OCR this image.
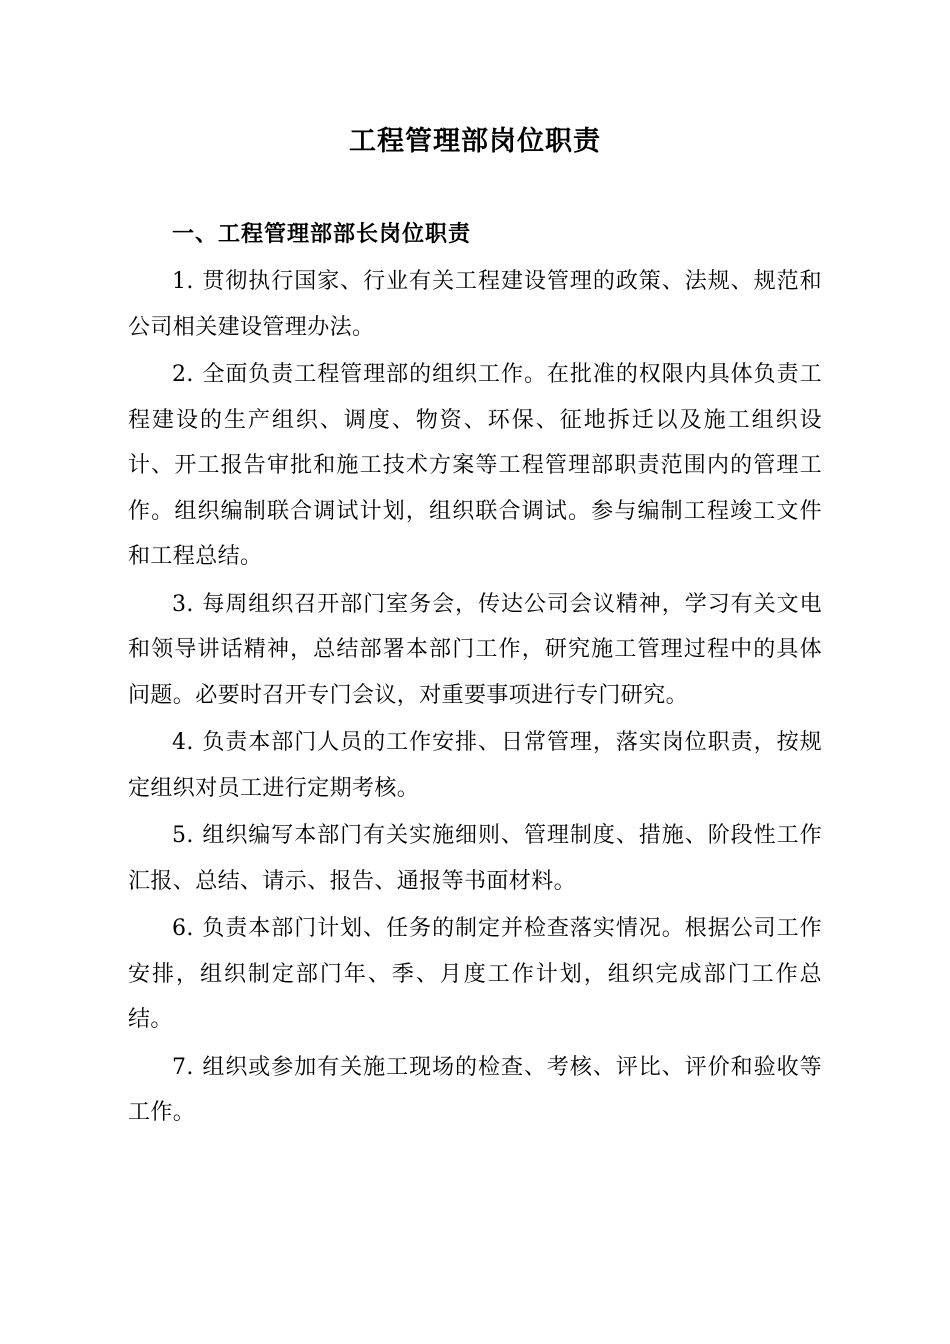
工程管理部岗位职责
一、工程管理部部长岗位职责

1. 贯彻执行国家、行业有关工程建设管理的政策、法规、规范和公司相关建设管理办法。

2. 全面负责工程管理部的组织工作。在批准的权限内具体负责工程建设的生产组织、调度、物资、环保、征地拆迁以及施工组织设计、开工报告审批和施工技术方案等工程管理部职责范围内的管理工作。组织编制联合调试计划，组织联合调试。参与编制工程竣工文件和工程总结。

3. 每周组织召开部门室务会，传达公司会议精神，学习有关文电和领导讲话精神，总结部署本部门工作，研究施工管理过程中的具体问题。必要时召开专门会议，对重要事项进行专门研究。

4. 负责本部门人员的工作安排、日常管理，落实岗位职责，按规定组织对员工进行定期考核。

5. 组织编写本部门有关实施细则、管理制度、措施、阶段性工作汇报、总结、请示、报告、通报等书面材料。

6. 负责本部门计划、任务的制定并检查落实情况。根据公司工作安排，组织制定部门年、季、月度工作计划，组织完成部门工作总结。

7. 组织或参加有关施工现场的检查、考核、评比、评价和验收等工作。
